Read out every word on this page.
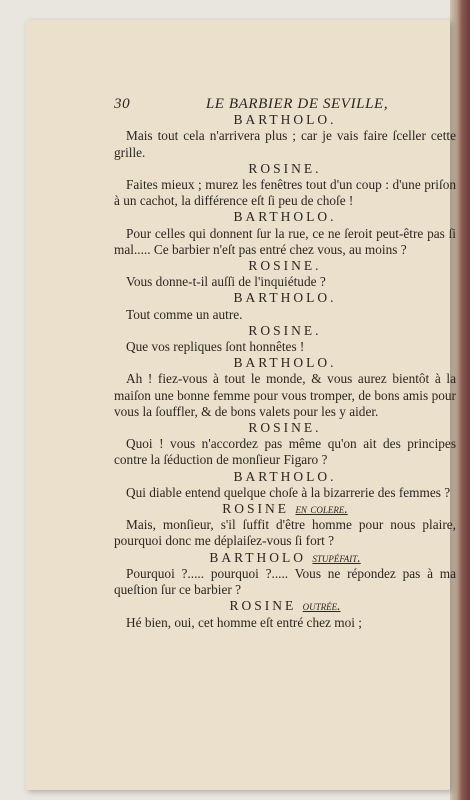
30	LE BARBIER DE SEVILLE,

BARTHOLO.

Mais tout cela n'arrivera plus ; car je vais faire ſceller cette grille.

ROSINE.

Faites mieux ; murez les fenêtres tout d'un coup : d'une priſon à un cachot, la différence eſt ſi peu de choſe !

BARTHOLO.

Pour celles qui donnent ſur la rue, ce ne ſeroit peut-être pas ſi mal..... Ce barbier n'eſt pas entré chez vous, au moins ?

ROSINE.

Vous donne-t-il auſſi de l'inquiétude ?

BARTHOLO.

Tout comme un autre.

ROSINE.

Que vos repliques ſont honnêtes !

BARTHOLO.

Ah ! fiez-vous à tout le monde, & vous aurez bientôt à la maiſon une bonne femme pour vous tromper, de bons amis pour vous la ſouffler, & de bons valets pour les y aider.

ROSINE.

Quoi ! vous n'accordez pas même qu'on ait des principes contre la ſéduction de monſieur Figaro ?

BARTHOLO.

Qui diable entend quelque choſe à la bizarrerie des femmes ?

ROSINE en colere.

Mais, monſieur, s'il ſuffit d'être homme pour nous plaire, pourquoi donc me déplaiſez-vous ſi fort ?

BARTHOLO ſtupéfait.

Pourquoi ?..... pourquoi ?..... Vous ne répondez pas à ma queſtion ſur ce barbier ?

ROSINE outrée.

Hé bien, oui, cet homme eſt entré chez moi ;
